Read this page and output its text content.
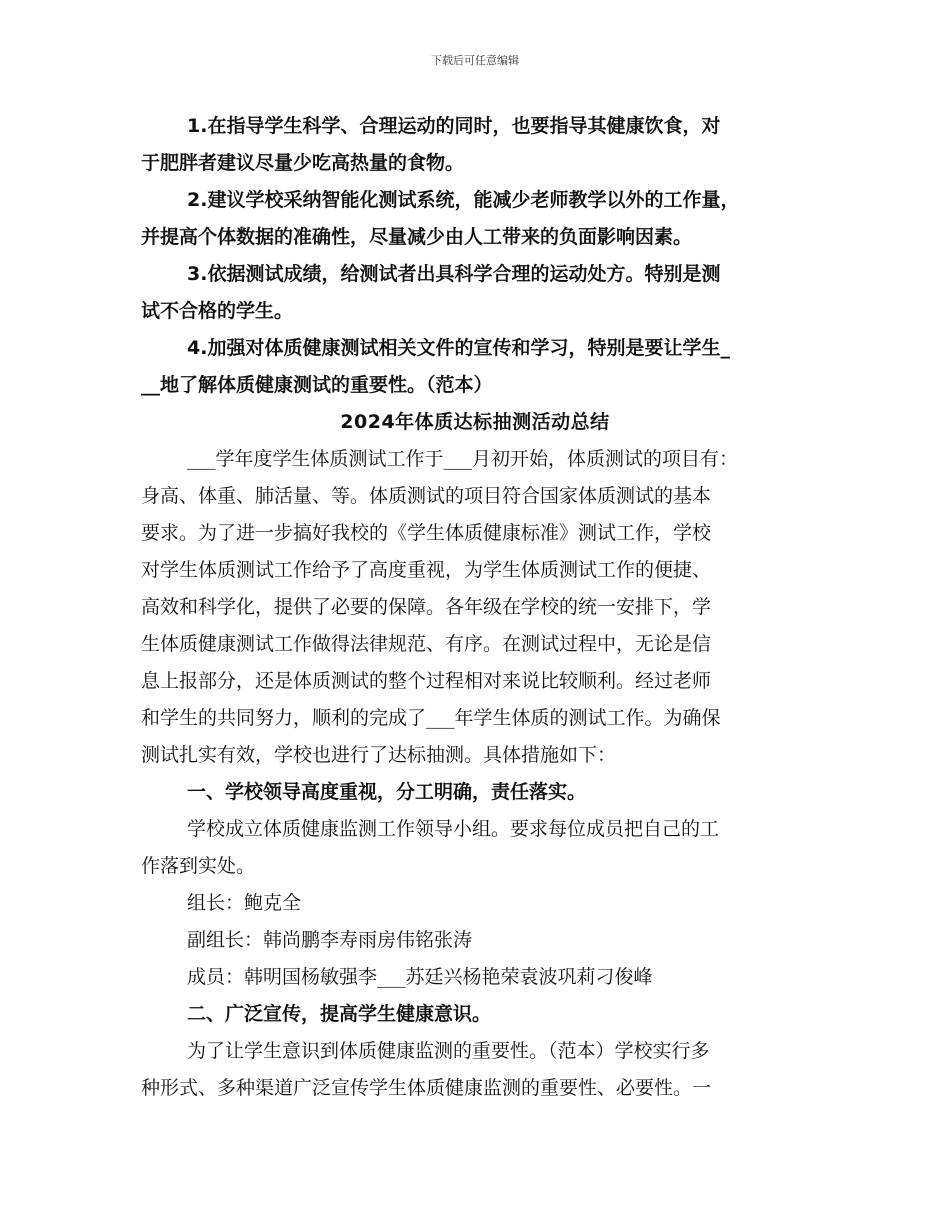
下载后可任意编辑
1.在指导学生科学、合理运动的同时，也要指导其健康饮食，对
于肥胖者建议尽量少吃高热量的食物。
2.建议学校采纳智能化测试系统，能减少老师教学以外的工作量，
并提高个体数据的准确性，尽量减少由人工带来的负面影响因素。
3.依据测试成绩，给测试者出具科学合理的运动处方。特别是测
试不合格的学生。
4.加强对体质健康测试相关文件的宣传和学习，特别是要让学生_
__地了解体质健康测试的重要性。（范本）
2024年体质达标抽测活动总结
___学年度学生体质测试工作于___月初开始，体质测试的项目有：
身高、体重、肺活量、等。体质测试的项目符合国家体质测试的基本
要求。为了进一步搞好我校的《学生体质健康标准》测试工作，学校
对学生体质测试工作给予了高度重视，为学生体质测试工作的便捷、
高效和科学化，提供了必要的保障。各年级在学校的统一安排下，学
生体质健康测试工作做得法律规范、有序。在测试过程中，无论是信
息上报部分，还是体质测试的整个过程相对来说比较顺利。经过老师
和学生的共同努力，顺利的完成了___年学生体质的测试工作。为确保
测试扎实有效，学校也进行了达标抽测。具体措施如下：
一、学校领导高度重视，分工明确，责任落实。
学校成立体质健康监测工作领导小组。要求每位成员把自己的工
作落到实处。
组长：鲍克全
副组长：韩尚鹏李寿雨房伟铭张涛
成员：韩明国杨敏强李___苏廷兴杨艳荣袁波巩莉刁俊峰
二、广泛宣传，提高学生健康意识。
为了让学生意识到体质健康监测的重要性。（范本）学校实行多
种形式、多种渠道广泛宣传学生体质健康监测的重要性、必要性。一
